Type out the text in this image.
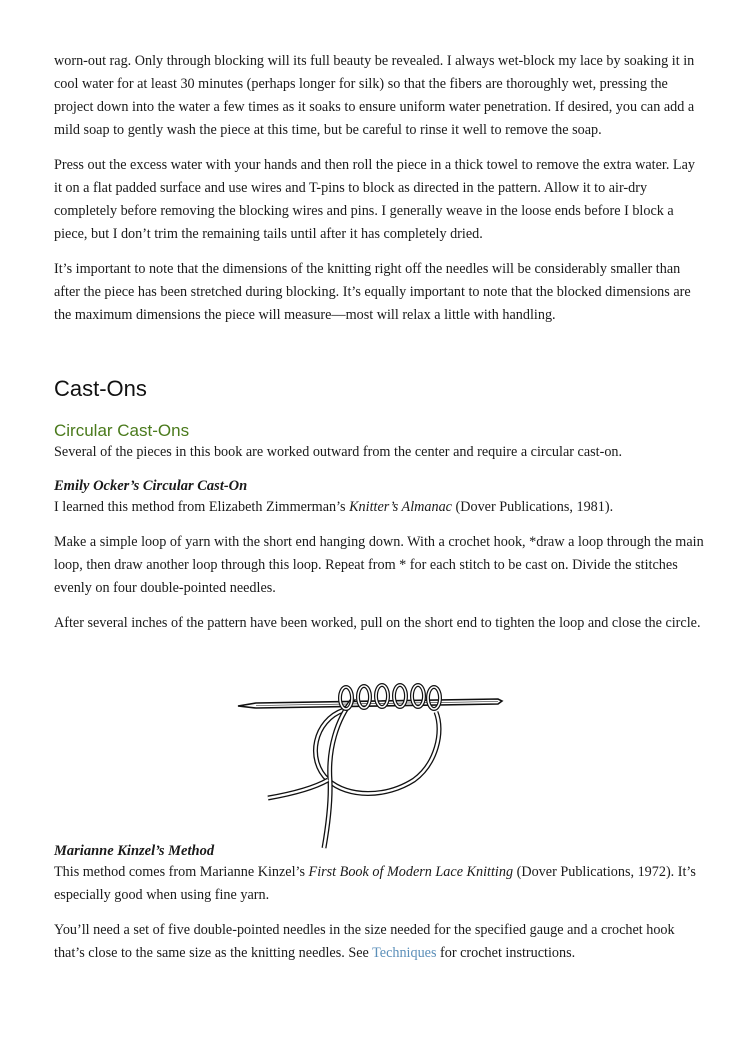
worn-out rag. Only through blocking will its full beauty be revealed. I always wet-block my lace by soaking it in cool water for at least 30 minutes (perhaps longer for silk) so that the fibers are thoroughly wet, pressing the project down into the water a few times as it soaks to ensure uniform water penetration. If desired, you can add a mild soap to gently wash the piece at this time, but be careful to rinse it well to remove the soap.

Press out the excess water with your hands and then roll the piece in a thick towel to remove the extra water. Lay it on a flat padded surface and use wires and T-pins to block as directed in the pattern. Allow it to air-dry completely before removing the blocking wires and pins. I generally weave in the loose ends before I block a piece, but I don’t trim the remaining tails until after it has completely dried.

It’s important to note that the dimensions of the knitting right off the needles will be considerably smaller than after the piece has been stretched during blocking. It’s equally important to note that the blocked dimensions are the maximum dimensions the piece will measure—most will relax a little with handling.

Cast-Ons
Circular Cast-Ons

Several of the pieces in this book are worked outward from the center and require a circular cast-on.

Emily Ocker’s Circular Cast-On

I learned this method from Elizabeth Zimmerman’s Knitter’s Almanac (Dover Publications, 1981).

Make a simple loop of yarn with the short end hanging down. With a crochet hook, *draw a loop through the main loop, then draw another loop through this loop. Repeat from * for each stitch to be cast on. Divide the stitches evenly on four double-pointed needles.

After several inches of the pattern have been worked, pull on the short end to tighten the loop and close the circle.

Marianne Kinzel’s Method

This method comes from Marianne Kinzel’s First Book of Modern Lace Knitting (Dover Publications, 1972). It’s especially good when using fine yarn.

You’ll need a set of five double-pointed needles in the size needed for the specified gauge and a crochet hook that’s close to the same size as the knitting needles. See Techniques for crochet instructions.
